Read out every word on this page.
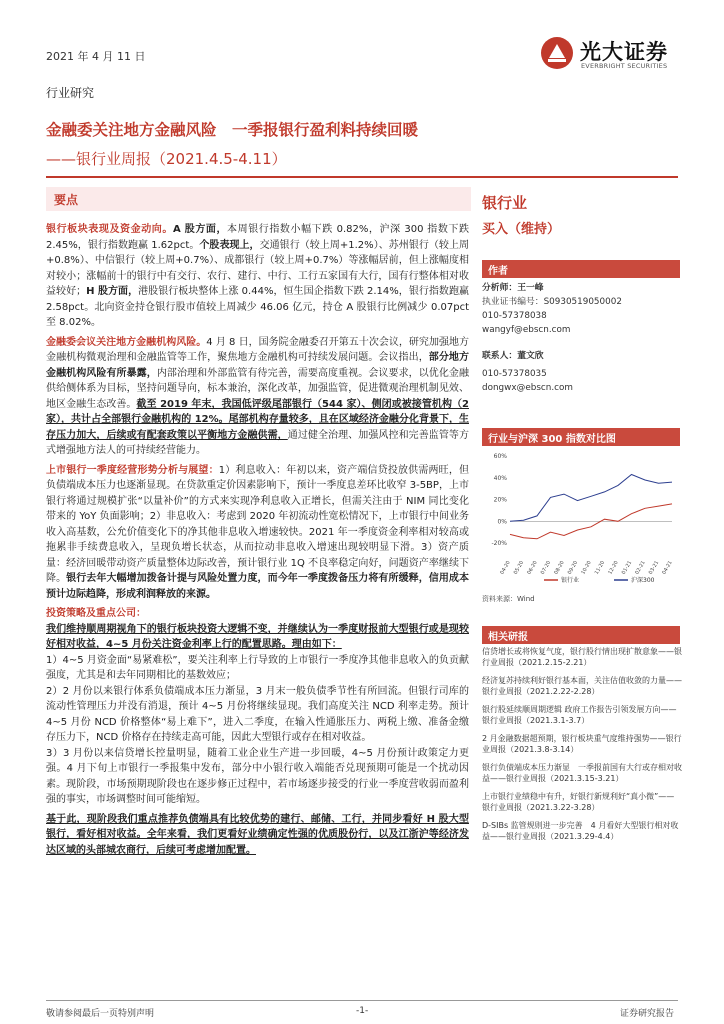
2021 年 4 月 11 日	光大证券
EVERBRIGHT SECURITIES
行业研究
金融委关注地方金融风险　一季报银行盈利料持续回暖
——银行业周报（2021.4.5-4.11）
要点

银行板块表现及资金动向。A 股方面，本周银行指数小幅下跌 0.82%，沪深 300 指数下跌 2.45%，银行指数跑赢 1.62pct。个股表现上，交通银行（较上周+1.2%）、苏州银行（较上周+0.8%）、中信银行（较上周+0.7%）、成都银行（较上周+0.7%）等涨幅居前，但上涨幅度相对较小；涨幅前十的银行中有交行、农行、建行、中行、工行五家国有大行，国有行整体相对收益较好；H 股方面，港股银行板块整体上涨 0.44%，恒生国企指数下跌 2.14%，银行指数跑赢 2.58pct。北向资金持仓银行股市值较上周减少 46.06 亿元，持仓 A 股银行比例减少 0.07pct 至 8.02%。

金融委会议关注地方金融机构风险。4 月 8 日，国务院金融委召开第五十次会议，研究加强地方金融机构微观治理和金融监管等工作，聚焦地方金融机构可持续发展问题。会议指出，部分地方金融机构风险有所暴露，内部治理和外部监管有待完善，需要高度重视。会议要求，以优化金融供给侧体系为目标，坚持问题导向，标本兼治，深化改革，加强监管，促进微观治理机制见效、地区金融生态改善。截至 2019 年末，我国低评级尾部银行（544 家）、侧闭或被接管机构（2 家），共计占全部银行金融机构的 12%。尾部机构存量较多，且在区域经济金融分化背景下，生存压力加大，后续或有配套政策以平衡地方金融供需，通过健全治理、加强风控和完善监管等方式增强地方法人的可持续经营能力。

上市银行一季度经营形势分析与展望：1）利息收入：年初以来，资产端信贷投放供需两旺，但负债端成本压力也逐渐显现。在贷款重定价因素影响下，预计一季度息差环比收窄 3-5BP，上市银行将通过规模扩张“以量补价”的方式来实现净利息收入正增长，但需关注由于 NIM 同比变化带来的 YoY 负面影响；2）非息收入：考虑到 2020 年初流动性宽松情况下，上市银行中间业务收入高基数，公允价值变化下的净其他非息收入增速较快。2021 年一季度资金利率相对较高或拖累非手续费息收入，呈现负增长状态，从而拉动非息收入增速出现较明显下滑。3）资产质量：经济回暖带动资产质量整体边际改善，预计银行业 1Q 不良率稳定向好，问题资产率继续下降。银行去年大幅增加拨备计提与风险处置力度，而今年一季度拨备压力将有所缓释，信用成本预计边际趋降，形成利润释放的来源。

投资策略及重点公司：
我们维持顺周期视角下的银行板块投资大逻辑不变，并继续认为一季度财报前大型银行或是现较好相对收益，4~5 月份关注资金利率上行的配置思路。理由如下：
1）4~5 月资金面“易紧难松”，要关注利率上行导致的上市银行一季度净其他非息收入的负贡献强度，尤其是和去年同期相比的基数效应；
2）2 月份以来银行体系负债端成本压力渐显，3 月末一般负债季节性有所回流。但银行司库的流动性管理压力并没有消退，预计 4~5 月份将继续显现。我们高度关注 NCD 利率走势。预计 4~5 月份 NCD 价格整体“易上难下”，进入二季度，在输入性通胀压力、两税上缴、准备金缴存压力下，NCD 价格存在持续走高可能，因此大型银行或存在相对收益。
3）3 月份以来信贷增长控量明显，随着工业企业生产进一步回暖，4~5 月份预计政策定力更强。4 月下旬上市银行一季报集中发布，部分中小银行收入端能否兑现预期可能是一个扰动因素。现阶段，市场预期现阶段也在逐步修正过程中，若市场逐步接受的行业一季度营收弱而盈利强的事实，市场调整时间可能缩短。

基于此，现阶段我们重点推荐负债端具有比较优势的建行、邮储、工行，并同步看好 H 股大型银行，看好相对收益。全年来看，我们更看好业绩确定性强的优质股份行，以及江浙沪等经济发达区域的头部城农商行，后续可考虑增加配置。

银行业
买入（维持）
作者
分析师：王一峰
执业证书编号：S0930519050002
010-57378038
wangyf@ebscn.com
联系人：董文欣
010-57378035
dongwx@ebscn.com
行业与沪深 300 指数对比图
60%
40%
20%
0%
-20%
04-20 05-20 06-20 07-20 08-20 09-20 10-20 11-20 12-20 01-21 02-21 03-21 04-21
银行业	沪深300
资料来源：Wind
相关研报
信贷增长或将恢复气度，银行股行情出现扩散意象——银行业周报（2021.2.15-2.21）
经济复苏持续利好银行基本面，关注估值收敛的力量——银行业周报（2021.2.22-2.28）
银行股延续顺周期逻辑 政府工作报告引领发展方向——银行业周报（2021.3.1-3.7）
2 月金融数据超预期，银行板块重气度维持强势——银行业周报（2021.3.8-3.14）
银行负债端成本压力渐显　一季报前国有大行或存相对收益——银行业周报（2021.3.15-3.21）
上市银行业绩稳中有升，好银行新规利好“真小微”——银行业周报（2021.3.22-3.28）
D-SIBs 监管规则进一步完善　4 月看好大型银行相对收益——银行业周报（2021.3.29-4.4）
敬请参阅最后一页特别声明	-1-	证券研究报告
